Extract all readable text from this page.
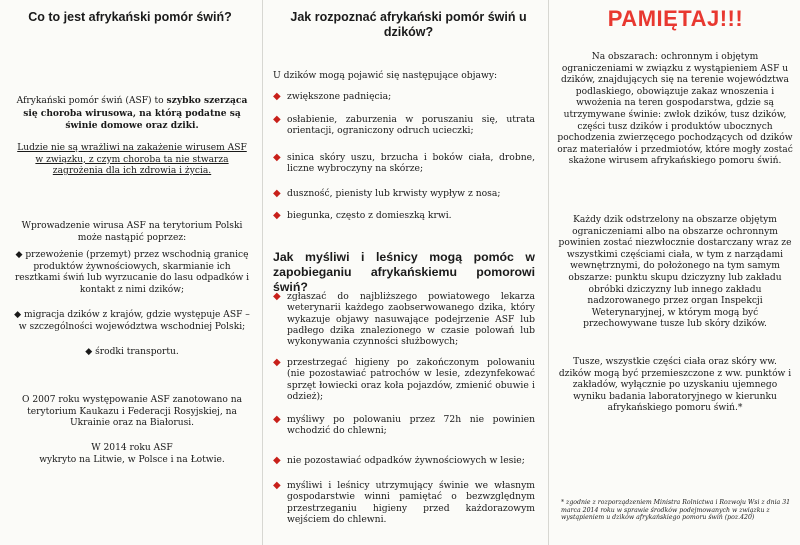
Co to jest afrykański pomór świń?
Afrykański pomór świń (ASF) to szybko szerząca się choroba wirusowa, na którą podatne są świnie domowe oraz dziki.
Ludzie nie są wrażliwi na zakażenie wirusem ASF w związku, z czym choroba ta nie stwarza zagrożenia dla ich zdrowia i życia.
Wprowadzenie wirusa ASF na terytorium Polski może nastąpić poprzez:
◆ przewożenie (przemyt) przez wschodnią granicę produktów żywnościowych, skarmianie ich resztkami świń lub wyrzucanie do lasu odpadków i kontakt z nimi dzików;
◆ migracja dzików z krajów, gdzie występuje ASF – w szczególności województwa wschodniej Polski;
◆ środki transportu.
O 2007 roku występowanie ASF zanotowano na terytorium Kaukazu i Federacji Rosyjskiej, na Ukrainie oraz na Białorusi.
W 2014 roku ASF
wykryto na Litwie, w Polsce i na Łotwie.
Jak rozpoznać afrykański pomór świń u dzików?
U dzików mogą pojawić się następujące objawy:
◆ zwiększone padnięcia;
◆ osłabienie, zaburzenia w poruszaniu się, utrata orientacji, ograniczony odruch ucieczki;
◆ sinica skóry uszu, brzucha i boków ciała, drobne, liczne wybroczyny na skórze;
◆ duszność, pienisty lub krwisty wypływ z nosa;
◆ biegunka, często z domieszką krwi.
Jak myśliwi i leśnicy mogą pomóc w zapobieganiu afrykańskiemu pomorowi świń?
◆ zgłaszać do najbliższego powiatowego lekarza weterynarii każdego zaobserwowanego dzika, który wykazuje objawy nasuwające podejrzenie ASF lub padłego dzika znalezionego w czasie polowań lub wykonywania czynności służbowych;
◆ przestrzegać higieny po zakończonym polowaniu (nie pozostawiać patrochów w lesie, zdezynfekować sprzęt łowiecki oraz koła pojazdów, zmienić obuwie i odzież);
◆ myśliwy po polowaniu przez 72h nie powinien wchodzić do chlewni;
◆ nie pozostawiać odpadków żywnościowych w lesie;
◆ myśliwi i leśnicy utrzymujący świnie we własnym gospodarstwie winni pamiętać o bezwzględnym przestrzeganiu higieny przed każdorazowym wejściem do chlewni.
PAMIĘTAJ!!!
Na obszarach: ochronnym i objętym ograniczeniami w związku z wystąpieniem ASF u dzików, znajdujących się na terenie województwa podlaskiego, obowiązuje zakaz wnoszenia i wwożenia na teren gospodarstwa, gdzie są utrzymywane świnie: zwłok dzików, tusz dzików, części tusz dzików i produktów ubocznych pochodzenia zwierzęcego pochodzących od dzików oraz materiałów i przedmiotów, które mogły zostać skażone wirusem afrykańskiego pomoru świń.
Każdy dzik odstrzelony na obszarze objętym ograniczeniami albo na obszarze ochronnym powinien zostać niezwłocznie dostarczany wraz ze wszystkimi częściami ciała, w tym z narządami wewnętrznymi, do położonego na tym samym obszarze: punktu skupu dziczyzny lub zakładu obróbki dziczyzny lub innego zakładu nadzorowanego przez organ Inspekcji Weterynaryjnej, w którym mogą być przechowywane tusze lub skóry dzików.
Tusze, wszystkie części ciała oraz skóry ww. dzików mogą być przemieszczone z ww. punktów i zakładów, wyłącznie po uzyskaniu ujemnego wyniku badania laboratoryjnego w kierunku afrykańskiego pomoru świń.*
* zgodnie z rozporządzeniem Ministra Rolnictwa i Rozwoju Wsi z dnia 31 marca 2014 roku w sprawie środków podejmowanych w związku z wystąpieniem u dzików afrykańskiego pomoru świń (poz.420)
